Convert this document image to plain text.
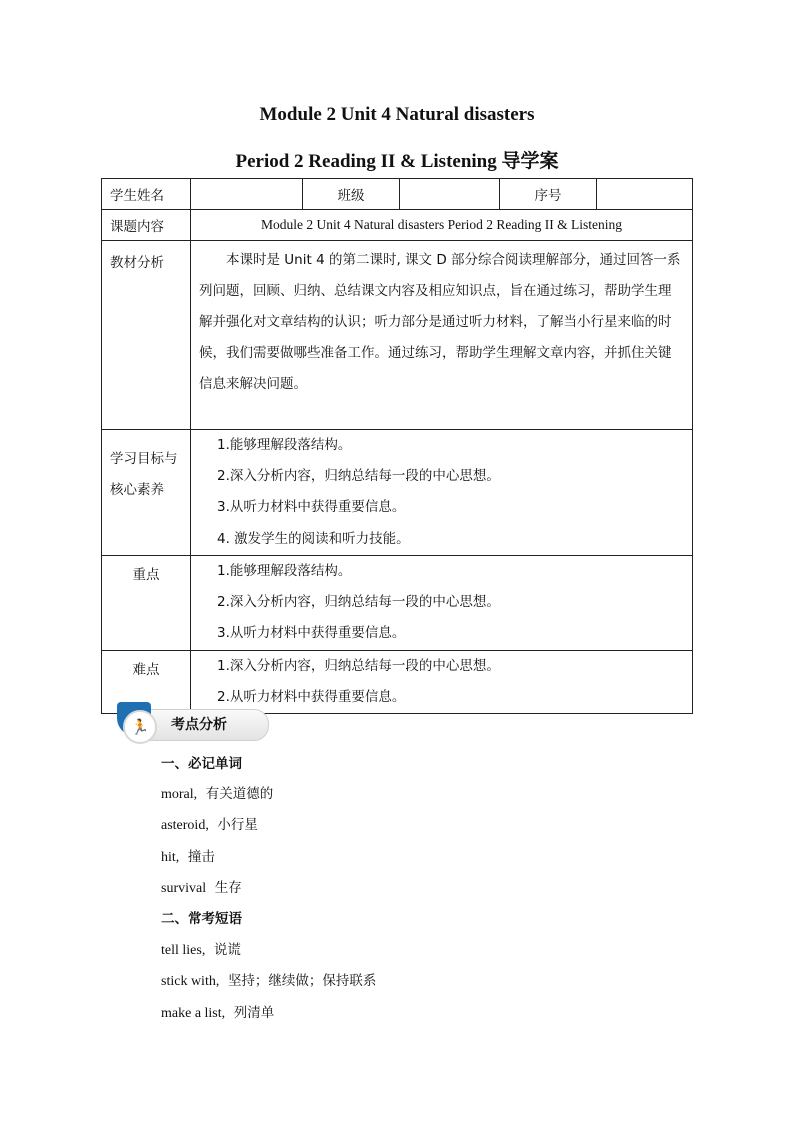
Module 2 Unit 4 Natural disasters
Period 2 Reading II & Listening 导学案
学生姓名		班级		序号	
课题内容	Module 2 Unit 4 Natural disasters Period 2 Reading II & Listening				
教材分析	本课时是 Unit 4 的第二课时, 课文 D 部分综合阅读理解部分，通过回答一系列问题，回顾、归纳、总结课文内容及相应知识点，旨在通过练习，帮助学生理解并强化对文章结构的认识；听力部分是通过听力材料，了解当小行星来临的时候，我们需要做哪些准备工作。通过练习，帮助学生理解文章内容，并抓住关键信息来解决问题。				
学习目标与核心素养	1.能够理解段落结构。
2.深入分析内容，归纳总结每一段的中心思想。
3.从听力材料中获得重要信息。
4. 激发学生的阅读和听力技能。				

重点	1.能够理解段落结构。
2.深入分析内容，归纳总结每一段的中心思想。
3.从听力材料中获得重要信息。				

难点	1.深入分析内容，归纳总结每一段的中心思想。
2.从听力材料中获得重要信息。				
🏃	考点分析
一、必记单词
moral, 有关道德的
asteroid, 小行星
hit, 撞击
survival 生存
二、常考短语
tell lies, 说谎
stick with, 坚持；继续做；保持联系
make a list, 列清单
